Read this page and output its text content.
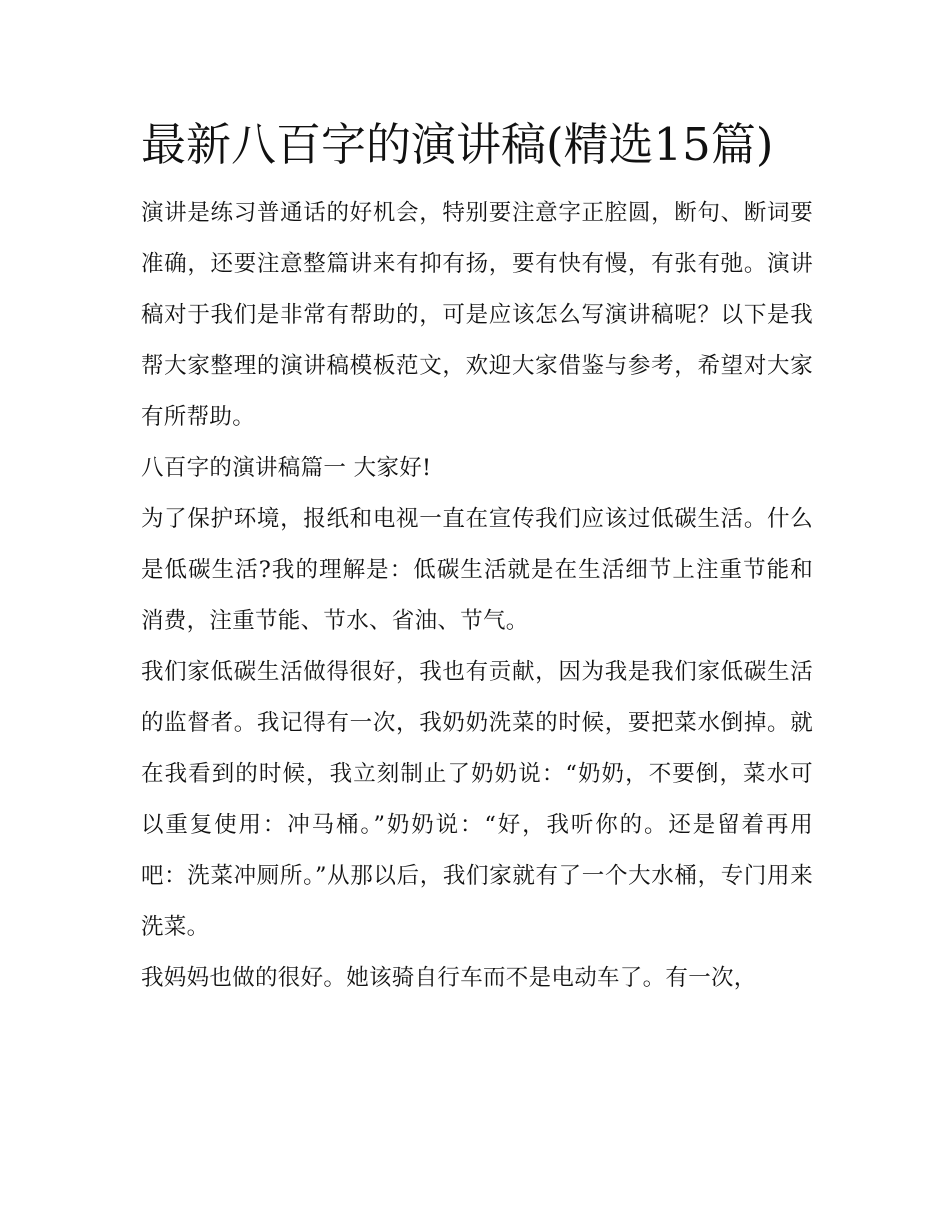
最新八百字的演讲稿(精选15篇)

演讲是练习普通话的好机会，特别要注意字正腔圆，断句、断词要准确，还要注意整篇讲来有抑有扬，要有快有慢，有张有弛。演讲稿对于我们是非常有帮助的，可是应该怎么写演讲稿呢？以下是我帮大家整理的演讲稿模板范文，欢迎大家借鉴与参考，希望对大家有所帮助。

八百字的演讲稿篇一 大家好!

为了保护环境，报纸和电视一直在宣传我们应该过低碳生活。什么是低碳生活?我的理解是：低碳生活就是在生活细节上注重节能和消费，注重节能、节水、省油、节气。

我们家低碳生活做得很好，我也有贡献，因为我是我们家低碳生活的监督者。我记得有一次，我奶奶洗菜的时候，要把菜水倒掉。就在我看到的时候，我立刻制止了奶奶说：“奶奶，不要倒，菜水可以重复使用：冲马桶。”奶奶说：“好，我听你的。还是留着再用吧：洗菜冲厕所。”从那以后，我们家就有了一个大水桶，专门用来洗菜。

我妈妈也做的很好。她该骑自行车而不是电动车了。有一次，
